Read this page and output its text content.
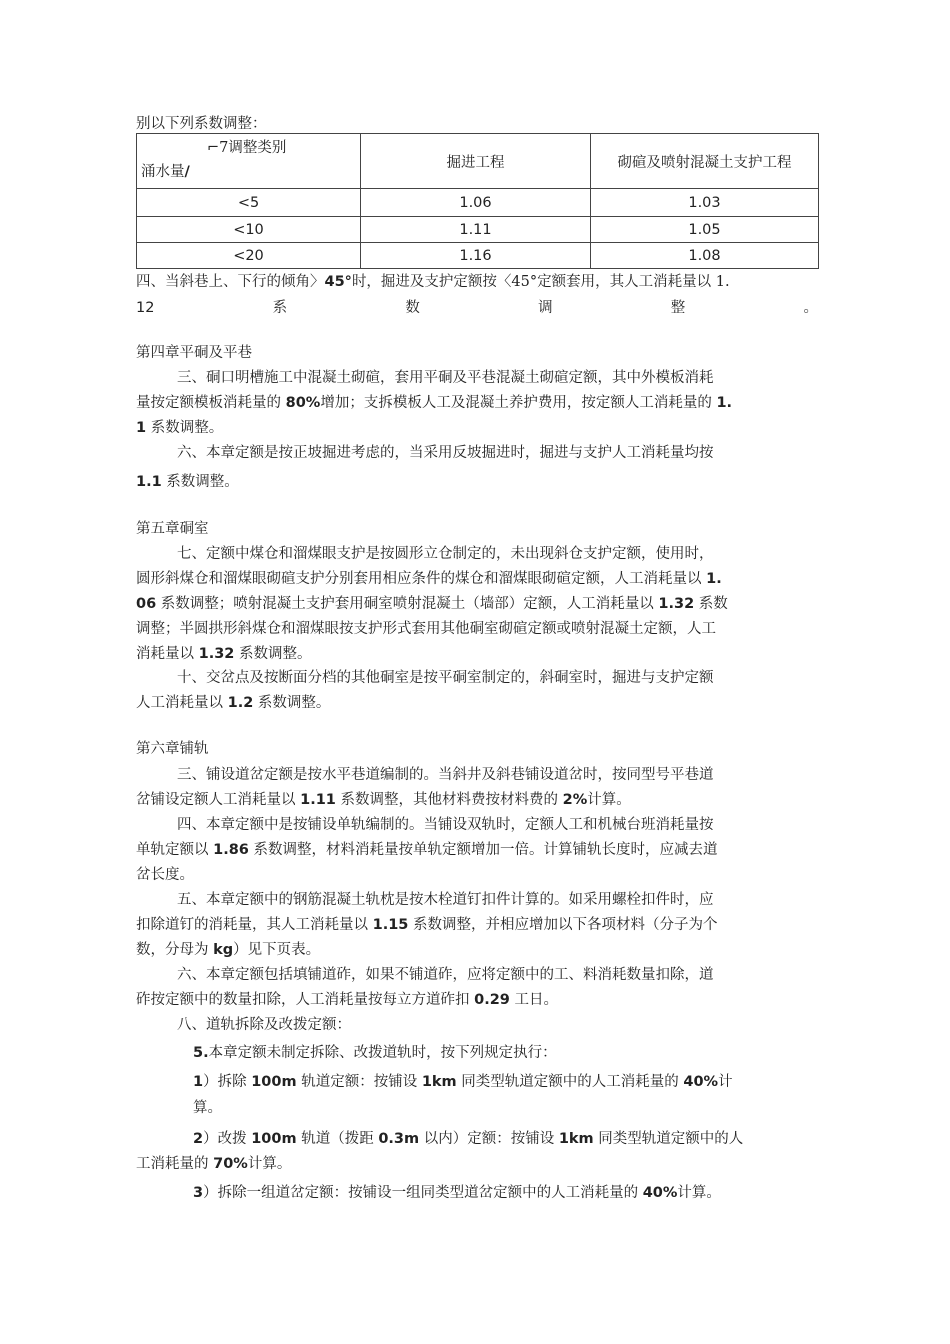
别以下列系数调整：
⌐7调整类别
涌水量/	掘进工程	砌碹及喷射混凝土支护工程
<5	1.06	1.03
<10	1.11	1.05
<20	1.16	1.08
四、当斜巷上、下行的倾角〉45°时，掘进及支护定额按〈45°定额套用，其人工消耗量以 1.
12	系	数	调	整	。
第四章平硐及平巷
三、硐口明槽施工中混凝土砌碹，套用平硐及平巷混凝土砌碹定额，其中外模板消耗
量按定额模板消耗量的 80%增加；支拆模板人工及混凝土养护费用，按定额人工消耗量的 1.
1 系数调整。
六、本章定额是按正坡掘进考虑的，当采用反坡掘进时，掘进与支护人工消耗量均按
1.1 系数调整。
第五章硐室
七、定额中煤仓和溜煤眼支护是按圆形立仓制定的，未出现斜仓支护定额，使用时，
圆形斜煤仓和溜煤眼砌碹支护分别套用相应条件的煤仓和溜煤眼砌碹定额，人工消耗量以 1.
06 系数调整；喷射混凝土支护套用硐室喷射混凝土（墙部）定额，人工消耗量以 1.32 系数
调整；半圆拱形斜煤仓和溜煤眼按支护形式套用其他硐室砌碹定额或喷射混凝土定额，人工
消耗量以 1.32 系数调整。
十、交岔点及按断面分档的其他硐室是按平硐室制定的，斜硐室时，掘进与支护定额
人工消耗量以 1.2 系数调整。
第六章铺轨
三、铺设道岔定额是按水平巷道编制的。当斜井及斜巷铺设道岔时，按同型号平巷道
岔铺设定额人工消耗量以 1.11 系数调整，其他材料费按材料费的 2%计算。
四、本章定额中是按铺设单轨编制的。当铺设双轨时，定额人工和机械台班消耗量按
单轨定额以 1.86 系数调整，材料消耗量按单轨定额增加一倍。计算铺轨长度时，应减去道
岔长度。
五、本章定额中的钢筋混凝土轨枕是按木栓道钉扣件计算的。如采用螺栓扣件时，应
扣除道钉的消耗量，其人工消耗量以 1.15 系数调整，并相应增加以下各项材料（分子为个
数，分母为 kg）见下页表。
六、本章定额包括填铺道砟，如果不铺道砟，应将定额中的工、料消耗数量扣除，道
砟按定额中的数量扣除，人工消耗量按每立方道砟扣 0.29 工日。
八、道轨拆除及改拨定额：
5.本章定额未制定拆除、改拨道轨时，按下列规定执行：
1）拆除 100m 轨道定额：按铺设 1km 同类型轨道定额中的人工消耗量的 40%计
算。
2）改拨 100m 轨道（拨距 0.3m 以内）定额：按铺设 1km 同类型轨道定额中的人
工消耗量的 70%计算。
3）拆除一组道岔定额：按铺设一组同类型道岔定额中的人工消耗量的 40%计算。
